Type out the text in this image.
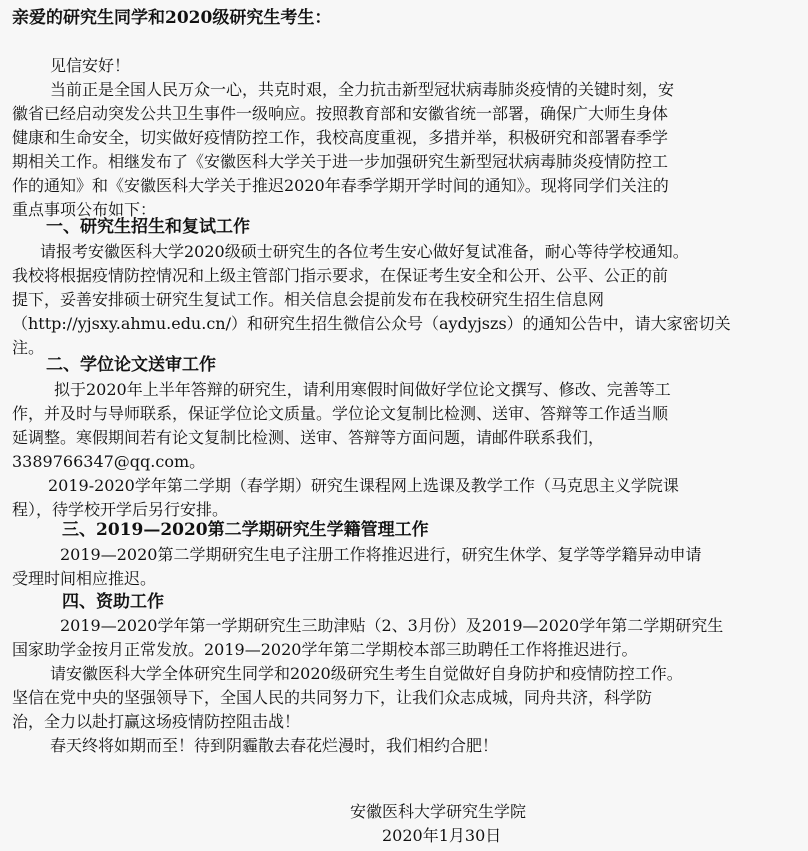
亲爱的研究生同学和2020级研究生考生：
见信安好！
当前正是全国人民万众一心，共克时艰，全力抗击新型冠状病毒肺炎疫情的关键时刻，安
徽省已经启动突发公共卫生事件一级响应。按照教育部和安徽省统一部署，确保广大师生身体
健康和生命安全，切实做好疫情防控工作，我校高度重视，多措并举，积极研究和部署春季学
期相关工作。相继发布了《安徽医科大学关于进一步加强研究生新型冠状病毒肺炎疫情防控工
作的通知》和《安徽医科大学关于推迟2020年春季学期开学时间的通知》。现将同学们关注的
重点事项公布如下：
一、研究生招生和复试工作
请报考安徽医科大学2020级硕士研究生的各位考生安心做好复试准备，耐心等待学校通知。
我校将根据疫情防控情况和上级主管部门指示要求，在保证考生安全和公开、公平、公正的前
提下，妥善安排硕士研究生复试工作。相关信息会提前发布在我校研究生招生信息网
（http://yjsxy.ahmu.edu.cn/）和研究生招生微信公众号（aydyjszs）的通知公告中，请大家密切关
注。
二、学位论文送审工作
拟于2020年上半年答辩的研究生，请利用寒假时间做好学位论文撰写、修改、完善等工
作，并及时与导师联系，保证学位论文质量。学位论文复制比检测、送审、答辩等工作适当顺
延调整。寒假期间若有论文复制比检测、送审、答辩等方面问题，请邮件联系我们，
3389766347@qq.com。
2019-2020学年第二学期（春学期）研究生课程网上选课及教学工作（马克思主义学院课
程），待学校开学后另行安排。
三、2019—2020第二学期研究生学籍管理工作
2019—2020第二学期研究生电子注册工作将推迟进行，研究生休学、复学等学籍异动申请
受理时间相应推迟。
四、资助工作
2019—2020学年第一学期研究生三助津贴（2、3月份）及2019—2020学年第二学期研究生
国家助学金按月正常发放。2019—2020学年第二学期校本部三助聘任工作将推迟进行。
请安徽医科大学全体研究生同学和2020级研究生考生自觉做好自身防护和疫情防控工作。
坚信在党中央的坚强领导下，全国人民的共同努力下，让我们众志成城，同舟共济，科学防
治，全力以赴打赢这场疫情防控阻击战！
春天终将如期而至！待到阴霾散去春花烂漫时，我们相约合肥！
安徽医科大学研究生学院
2020年1月30日
